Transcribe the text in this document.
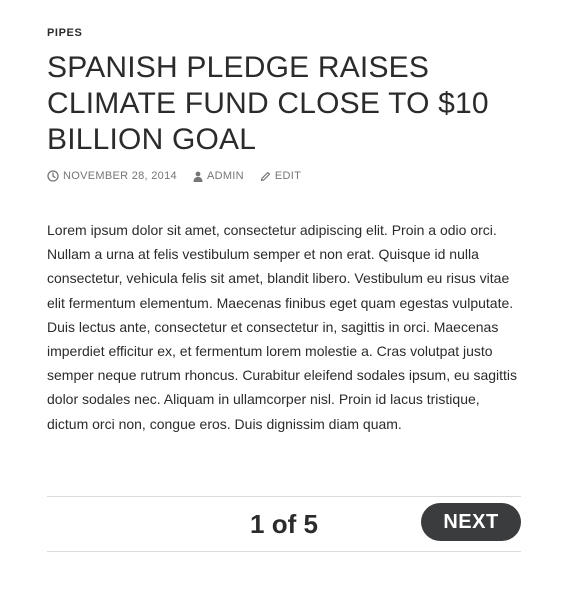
PIPES
SPANISH PLEDGE RAISES CLIMATE FUND CLOSE TO $10 BILLION GOAL
NOVEMBER 28, 2014	ADMIN	EDIT

Lorem ipsum dolor sit amet, consectetur adipiscing elit. Proin a odio orci. Nullam a urna at felis vestibulum semper et non erat. Quisque id nulla consectetur, vehicula felis sit amet, blandit libero. Vestibulum eu risus vitae elit fermentum elementum. Maecenas finibus eget quam egestas vulputate. Duis lectus ante, consectetur et consectetur in, sagittis in orci. Maecenas imperdiet efficitur ex, et fermentum lorem molestie a. Cras volutpat justo semper neque rutrum rhoncus. Curabitur eleifend sodales ipsum, eu sagittis dolor sodales nec. Aliquam in ullamcorper nisl. Proin id lacus tristique, dictum orci non, congue eros. Duis dignissim diam quam.

1 of 5	NEXT
